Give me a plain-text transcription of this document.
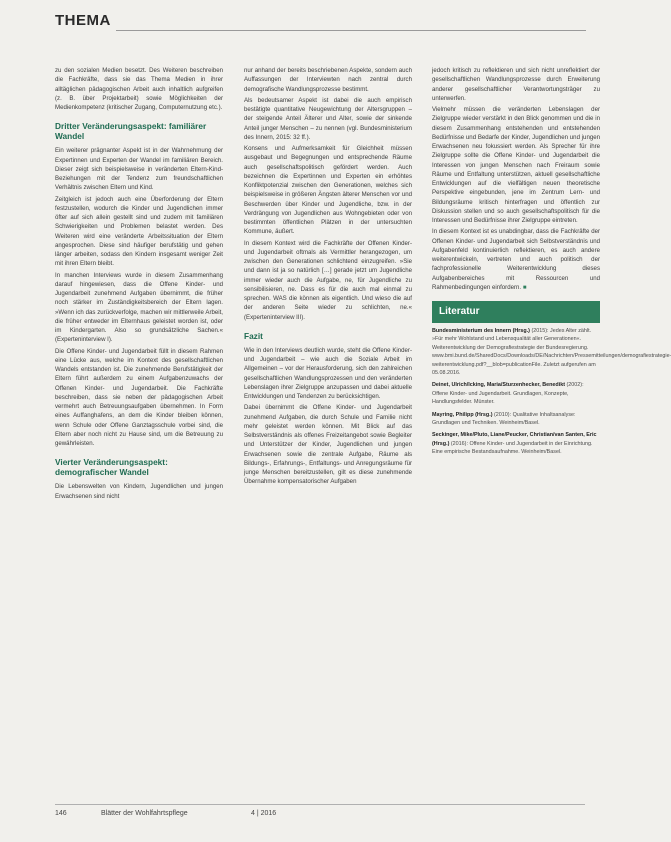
THEMA

zu den sozialen Medien besetzt. Des Weiteren beschreiben die Fachkräfte, dass sie das Thema Medien in ihrer alltäglichen pädagogischen Arbeit auch inhaltlich aufgreifen (z. B. über Projektarbeit) sowie Möglichkeiten der Medienkompetenz (kritischer Zugang, Computernutzung etc.).

Dritter Veränderungsaspekt: familiärer Wandel

Ein weiterer prägnanter Aspekt ist in der Wahrnehmung der Expertinnen und Experten der Wandel im familiären Bereich. Dieser zeigt sich beispielsweise in veränderten Eltern-Kind-Beziehungen mit der Tendenz zum freundschaftlichen Verhältnis zwischen Eltern und Kind.

Zeitgleich ist jedoch auch eine Überforderung der Eltern festzustellen, wodurch die Kinder und Jugendlichen immer öfter auf sich allein gestellt sind und zudem mit familiären Schwierigkeiten und Problemen belastet werden. Des Weiteren wird eine veränderte Arbeitssituation der Eltern angesprochen. Diese sind häufiger berufstätig und gehen länger arbeiten, sodass den Kindern insgesamt weniger Zeit mit ihren Eltern bleibt.

In manchen Interviews wurde in diesem Zusammenhang darauf hingewiesen, dass die Offene Kinder- und Jugendarbeit zunehmend Aufgaben übernimmt, die früher noch stärker im Zuständigkeitsbereich der Eltern lagen. »Wenn ich das zurückverfolge, machen wir mittlerweile Arbeit, die früher entweder im Elternhaus geleistet worden ist, oder im Kindergarten. Also so grundsätzliche Sachen.« (Experteninterview I).

Die Offene Kinder- und Jugendarbeit füllt in diesem Rahmen eine Lücke aus, welche im Kontext des gesellschaftlichen Wandels entstanden ist. Die zunehmende Berufstätigkeit der Eltern führt außerdem zu einem Aufgabenzuwachs der Offenen Kinder- und Jugendarbeit. Die Fachkräfte beschreiben, dass sie neben der pädagogischen Arbeit vermehrt auch Betreuungsaufgaben übernehmen. In Form eines Auffanghafens, an dem die Kinder bleiben können, wenn Schule oder Offene Ganztagsschule vorbei sind, die Eltern aber noch nicht zu Hause sind, um die Betreuung zu gewährleisten.

Vierter Veränderungsaspekt: demografischer Wandel

Die Lebenswelten von Kindern, Jugendlichen und jungen Erwachsenen sind nicht

nur anhand der bereits beschriebenen Aspekte, sondern auch Auffassungen der Interviewten nach zentral durch demografische Wandlungsprozesse bestimmt.

Als bedeutsamer Aspekt ist dabei die auch empirisch bestätigte quantitative Neugewichtung der Altersgruppen – der steigende Anteil Älterer und Alter, sowie der sinkende Anteil junger Menschen – zu nennen (vgl. Bundesministerium des Innern, 2015: 32 ff.).

Konsens und Aufmerksamkeit für Gleichheit müssen ausgebaut und Begegnungen und entsprechende Räume auch gesellschaftspolitisch gefördert werden. Auch bezeichnen die Expertinnen und Experten ein erhöhtes Konfliktpotenzial zwischen den Generationen, welches sich beispielsweise in größeren Ängsten älterer Menschen vor und Beschwerden über Kinder und Jugendliche, bzw. in der Verdrängung von Jugendlichen aus Wohngebieten oder von bestimmten öffentlichen Plätzen in der untersuchten Kommune, äußert.

In diesem Kontext wird die Fachkräfte der Offenen Kinder- und Jugendarbeit oftmals als Vermittler herangezogen, um zwischen den Generationen schlichtend einzugreifen. »Sie und dann ist ja so natürlich […] gerade jetzt um Jugendliche immer wieder auch die Aufgabe, ne, für Jugendliche zu sensibilisieren, ne. Dass es für die auch mal einmal zu sprechen. WAS die können als eigentlich. Und wieso die auf der anderen Seite wieder zu schlichten, ne.« (Experteninterview III).

Fazit

Wie in den Interviews deutlich wurde, steht die Offene Kinder- und Jugendarbeit – wie auch die Soziale Arbeit im Allgemeinen – vor der Herausforderung, sich den zahlreichen gesellschaftlichen Wandlungsprozessen und den veränderten Lebenslagen ihrer Zielgruppe anzupassen und dabei aktuelle Entwicklungen und Tendenzen zu berücksichtigen.

Dabei übernimmt die Offene Kinder- und Jugendarbeit zunehmend Aufgaben, die durch Schule und Familie nicht mehr geleistet werden können. Mit Blick auf das Selbstverständnis als offenes Freizeitangebot sowie Begleiter und Unterstützer der Kinder, Jugendlichen und jungen Erwachsenen sowie die zentrale Aufgabe, Räume als Bildungs-, Erfahrungs-, Entfaltungs- und Anregungsräume für junge Menschen bereitzustellen, gilt es diese zunehmende Übernahme kompensatorischer Aufgaben

jedoch kritisch zu reflektieren und sich nicht unreflektiert der gesellschaftlichen Wandlungsprozesse durch Erweiterung anderer gesellschaftlicher Verantwortungsträger zu unterwerfen.

Vielmehr müssen die veränderten Lebenslagen der Zielgruppe wieder verstärkt in den Blick genommen und die in diesem Zusammenhang entstehenden und entstehenden Bedürfnisse und Bedarfe der Kinder, Jugendlichen und jungen Erwachsenen neu fokussiert werden. Als Sprecher für ihre Zielgruppe sollte die Offene Kinder- und Jugendarbeit die Interessen von jungen Menschen nach Freiraum sowie Räume und Entfaltung unterstützen, aktuell gesellschaftliche Entwicklungen auf die vielfältigen neuen theoretische Perspektive eingebunden, jene im Zentrum Lern- und Bildungsräume kritisch hinterfragen und öffentlich zur Diskussion stellen und so auch gesellschaftspolitisch für die Interessen und Bedürfnisse ihrer Zielgruppe eintreten.

In diesem Kontext ist es unabdingbar, dass die Fachkräfte der Offenen Kinder- und Jugendarbeit sich Selbstverständnis und Aufgabenfeld kontinuierlich reflektieren, es auch andere weiterentwickeln, vertreten und auch politisch der fachprofessionelle Weiterentwicklung dieses Aufgabenbereiches mit Ressourcen und Rahmenbedingungen einfordern. ■

Literatur

Bundesministerium des Innern (Hrsg.) (2015): Jedes Alter zählt. »Für mehr Wohlstand und Lebensqualität aller Generationen«. Weiterentwicklung der Demografiestrategie der Bundesregierung. www.bmi.bund.de/SharedDocs/Downloads/DE/Nachrichten/Pressemitteilungen/demografiestrategie-weiterentwicklung.pdf?__blob=publicationFile. Zuletzt aufgerufen am 05.08.2016.

Deinet, Ulrich/Icking, Maria/Sturzenhecker, Benedikt (2002): Offene Kinder- und Jugendarbeit. Grundlagen, Konzepte, Handlungsfelder. Münster.

Mayring, Philipp (Hrsg.) (2010): Qualitative Inhaltsanalyse: Grundlagen und Techniken. Weinheim/Basel.

Seckinger, Mike/Pluto, Liane/Peucker, Christian/van Santen, Eric (Hrsg.) (2016): Offene Kinder- und Jugendarbeit in der Einrichtung. Eine empirische Bestandsaufnahme. Weinheim/Basel.

146	Blätter der Wohlfahrtspflege	4 | 2016
